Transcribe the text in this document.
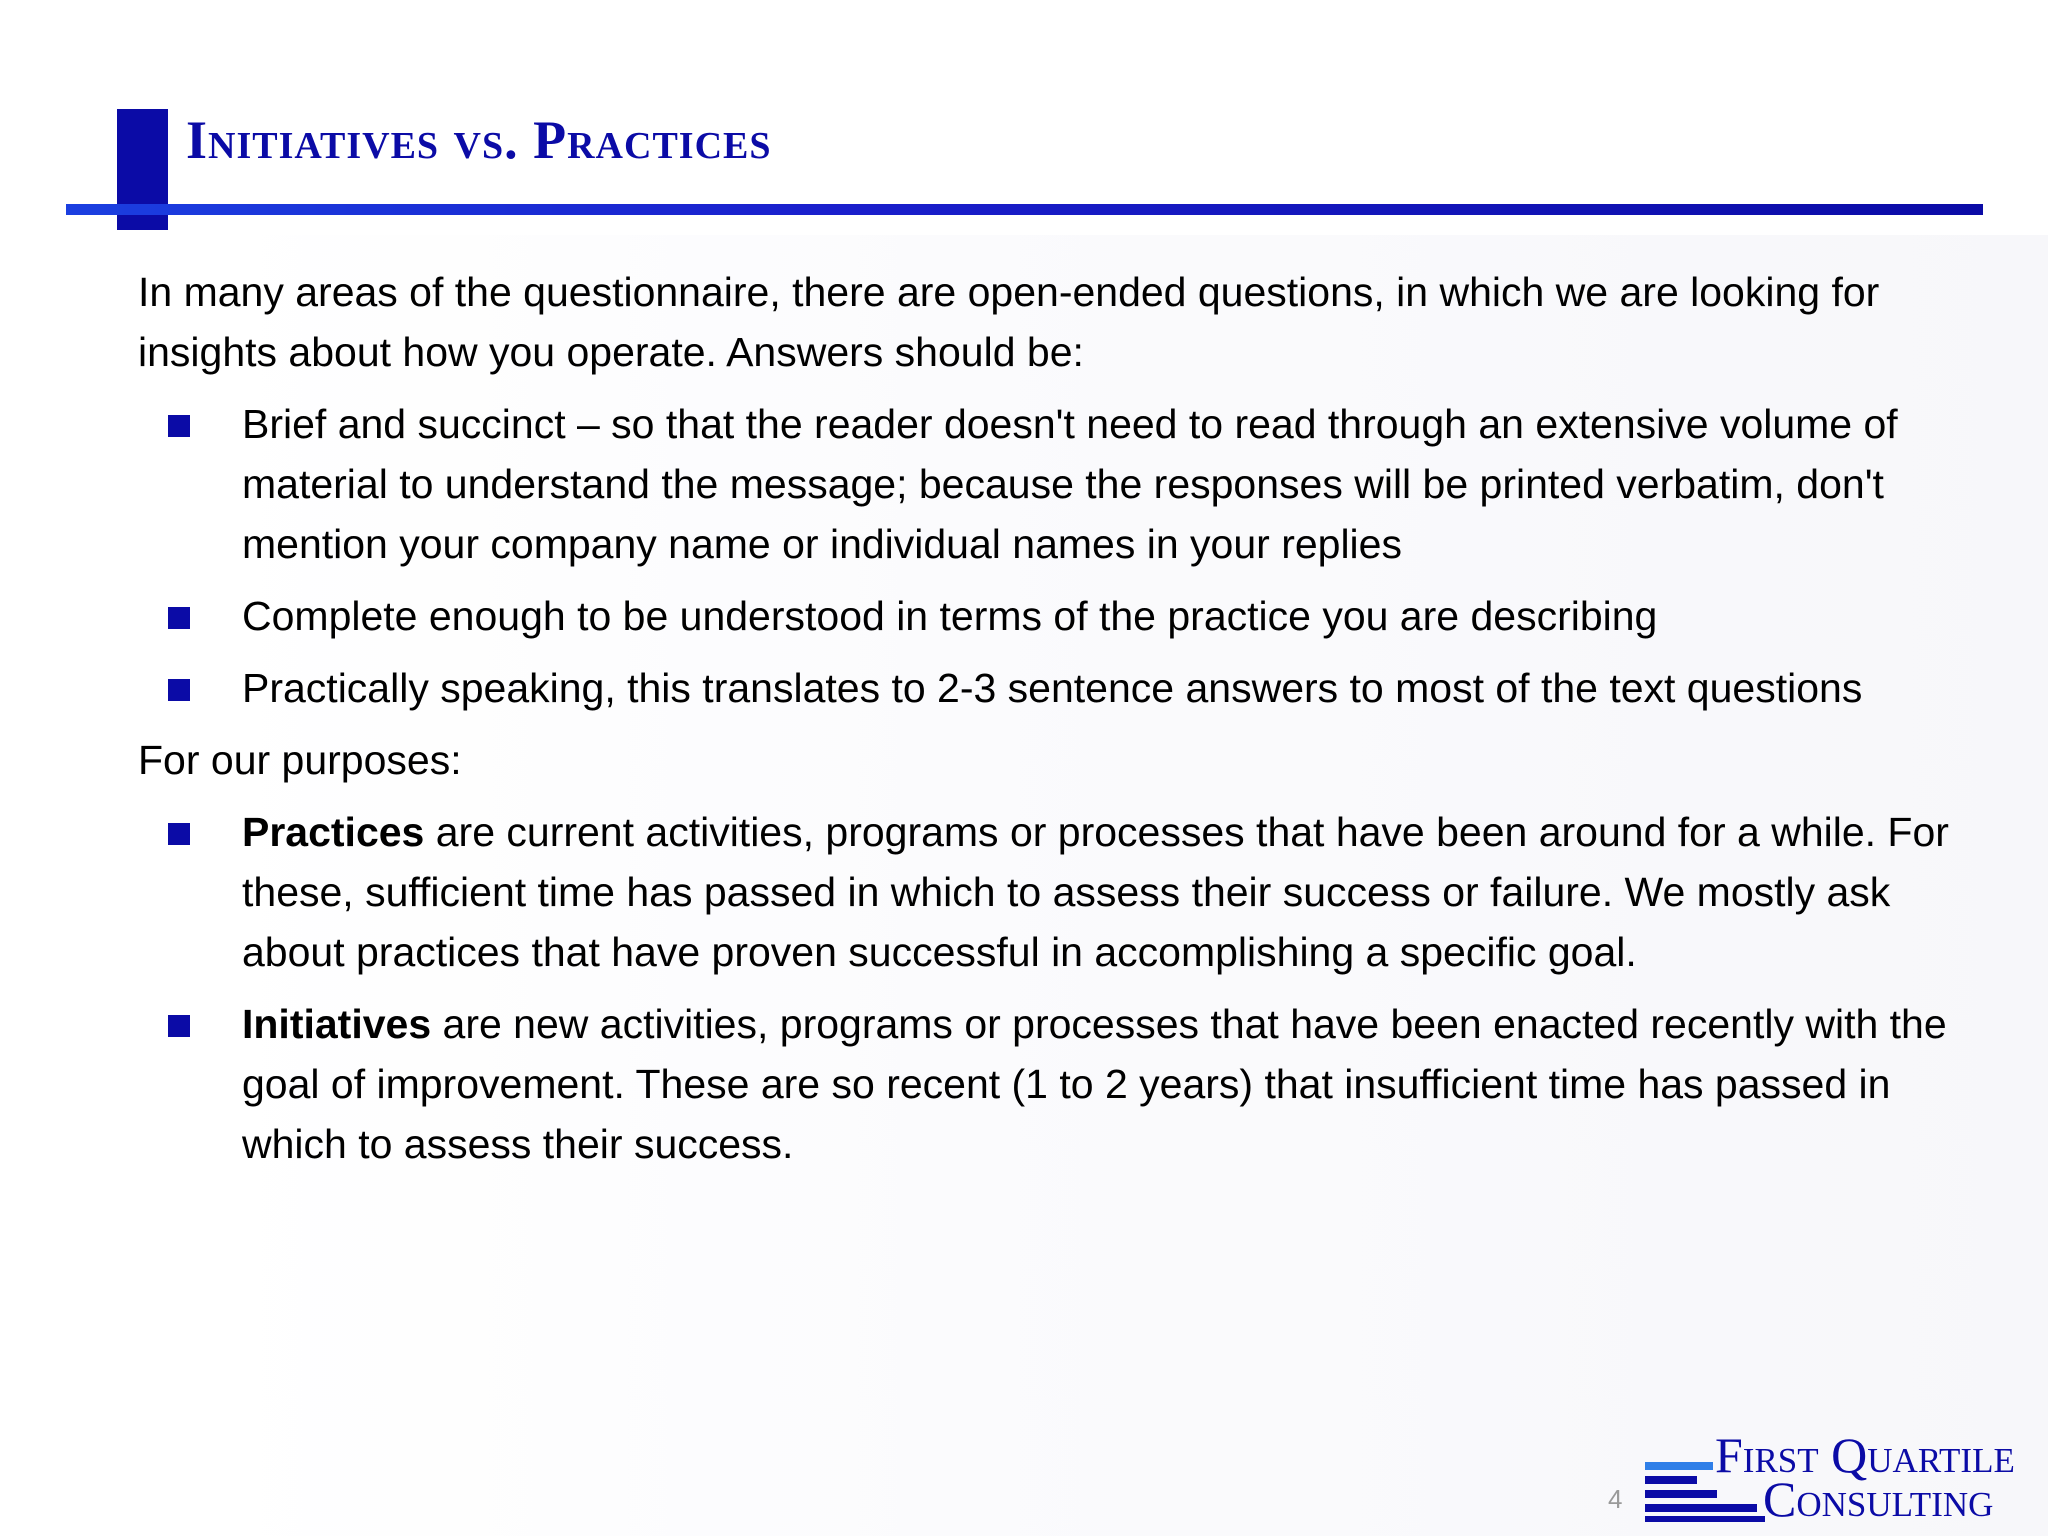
Initiatives vs. Practices

In many areas of the questionnaire, there are open-ended questions, in which we are looking for insights about how you operate. Answers should be:

Brief and succinct – so that the reader doesn't need to read through an extensive volume of material to understand the message; because the responses will be printed verbatim, don't mention your company name or individual names in your replies
Complete enough to be understood in terms of the practice you are describing
Practically speaking, this translates to 2-3 sentence answers to most of the text questions

For our purposes:

Practices are current activities, programs or processes that have been around for a while. For these, sufficient time has passed in which to assess their success or failure. We mostly ask about practices that have proven successful in accomplishing a specific goal.
Initiatives are new activities, programs or processes that have been enacted recently with the goal of improvement. These are so recent (1 to 2 years) that insufficient time has passed in which to assess their success.
4
First Quartile
Consulting
